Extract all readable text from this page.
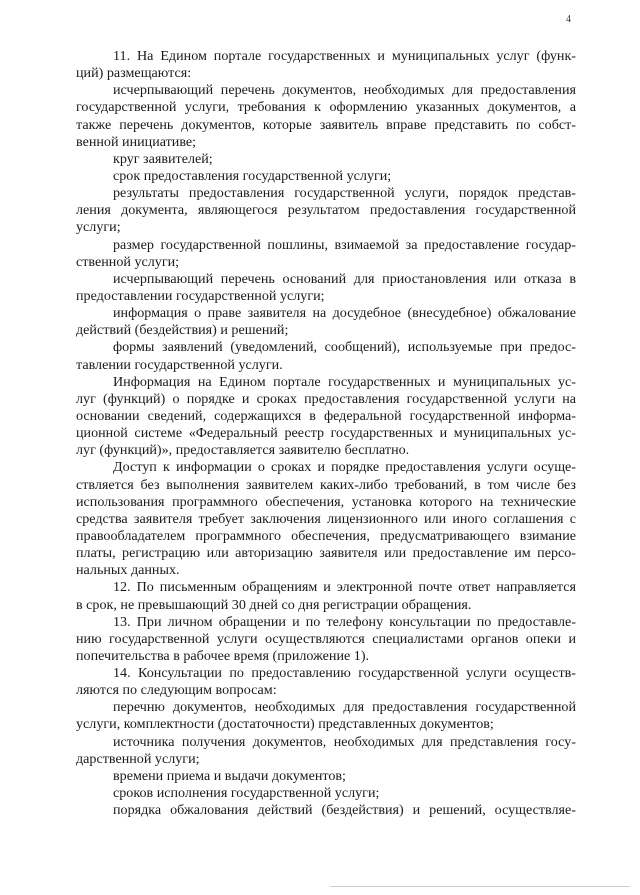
4
11. На Едином портале государственных и муниципальных услуг (функ-
ций) размещаются:
исчерпывающий перечень документов, необходимых для предоставления
государственной услуги, требования к оформлению указанных документов, а
также перечень документов, которые заявитель вправе представить по собст-
венной инициативе;
круг заявителей;
срок предоставления государственной услуги;
результаты предоставления государственной услуги, порядок представ-
ления документа, являющегося результатом предоставления государственной
услуги;
размер государственной пошлины, взимаемой за предоставление государ-
ственной услуги;
исчерпывающий перечень оснований для приостановления или отказа в
предоставлении государственной услуги;
информация о праве заявителя на досудебное (внесудебное) обжалование
действий (бездействия) и решений;
формы заявлений (уведомлений, сообщений), используемые при предос-
тавлении государственной услуги.
Информация на Едином портале государственных и муниципальных ус-
луг (функций) о порядке и сроках предоставления государственной услуги на
основании сведений, содержащихся в федеральной государственной информа-
ционной системе «Федеральный реестр государственных и муниципальных ус-
луг (функций)», предоставляется заявителю бесплатно.
Доступ к информации о сроках и порядке предоставления услуги осуще-
ствляется без выполнения заявителем каких-либо требований, в том числе без
использования программного обеспечения, установка которого на технические
средства заявителя требует заключения лицензионного или иного соглашения с
правообладателем программного обеспечения, предусматривающего взимание
платы, регистрацию или авторизацию заявителя или предоставление им персо-
нальных данных.
12. По письменным обращениям и электронной почте ответ направляется
в срок, не превышающий 30 дней со дня регистрации обращения.
13. При личном обращении и по телефону консультации по предоставле-
нию государственной услуги осуществляются специалистами органов опеки и
попечительства в рабочее время (приложение 1).
14. Консультации по предоставлению государственной услуги осуществ-
ляются по следующим вопросам:
перечню документов, необходимых для предоставления государственной
услуги, комплектности (достаточности) представленных документов;
источника получения документов, необходимых для представления госу-
дарственной услуги;
времени приема и выдачи документов;
сроков исполнения государственной услуги;
порядка обжалования действий (бездействия) и решений, осуществляе-
